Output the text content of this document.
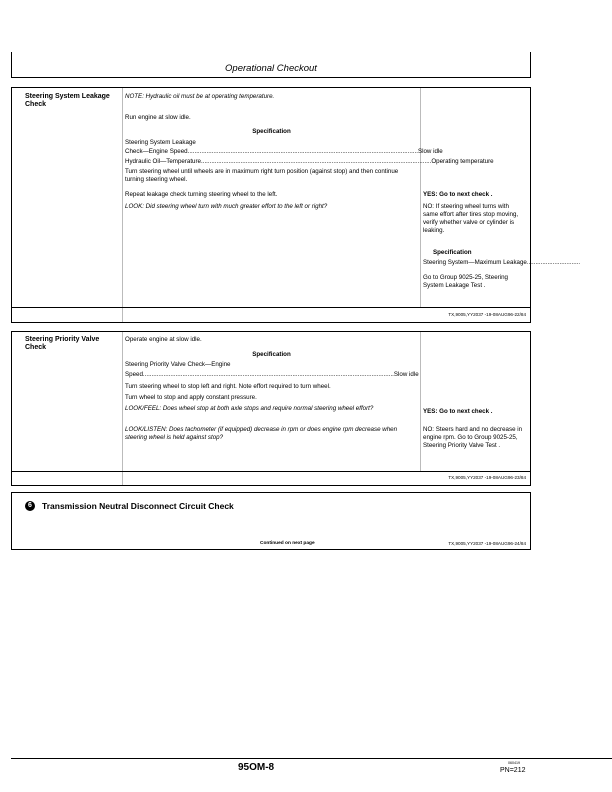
Operational Checkout
Steering System Leakage Check
NOTE: Hydraulic oil must be at operating temperature.
Run engine at slow idle.
Specification
Steering System Leakage
Check—Engine Speed ...................................................................................................................................... Slow idle
Hydraulic Oil—Temperature ...................................................................................................................................... Operating temperature
Turn steering wheel until wheels are in maximum right turn position (against stop) and then continue turning steering wheel.
Repeat leakage check turning steering wheel to the left.
LOOK: Did steering wheel turn with much greater effort to the left or right?
YES: Go to next check .
NO: If steering wheel turns with same effort after tires stop moving, verify whether valve or cylinder is leaking.
Specification
Steering System—Maximum Leakage...............................
Go to Group 9025-25, Steering System Leakage Test .
TX,9005,YY2037 -19-08AUG96-22/84
Steering Priority Valve Check
Operate engine at slow idle.
Specification
Steering Priority Valve Check—Engine
Speed .................................................................................................................................................. Slow idle
Turn steering wheel to stop left and right. Note effort required to turn wheel.
Turn wheel to stop and apply constant pressure.
LOOK/FEEL: Does wheel stop at both axle stops and require normal steering wheel effort?
LOOK/LISTEN: Does tachometer (if equipped) decrease in rpm or does engine rpm decrease when steering wheel is held against stop?
YES: Go to next check .
NO: Steers hard and no decrease in engine rpm. Go to Group 9025-25, Steering Priority Valve Test .
TX,9005,YY2037 -19-08AUG96-23/84
6	Transmission Neutral Disconnect Circuit Check
Continued on next page	TX,9005,YY2037 -19-08AUG96-24/84
95OM-8	060419
PN=212
